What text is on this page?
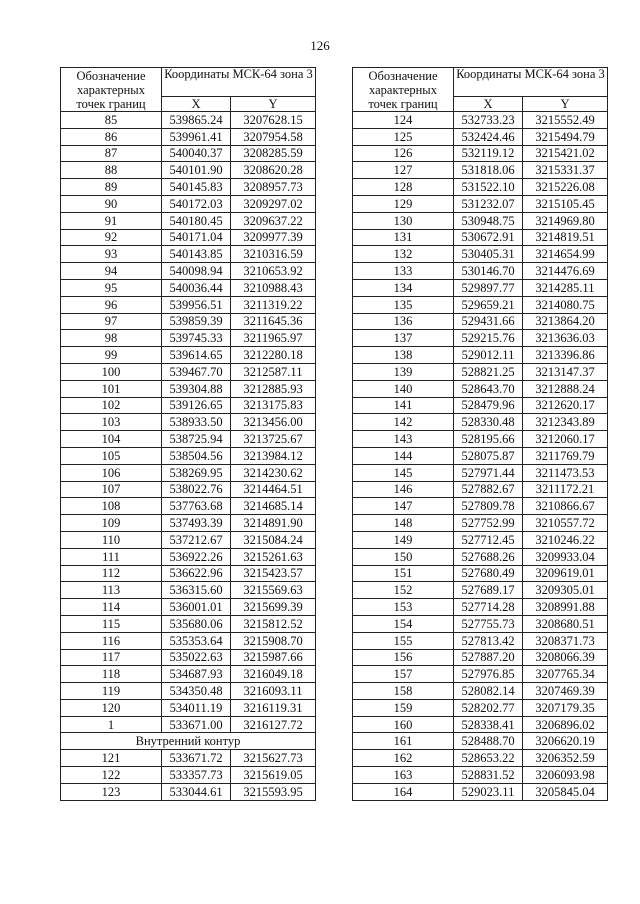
126
Обозначение характерных точек границ	Координаты МСК-64 зона 3	
	X	Y
85	539865.24	3207628.15
86	539961.41	3207954.58
87	540040.37	3208285.59
88	540101.90	3208620.28
89	540145.83	3208957.73
90	540172.03	3209297.02
91	540180.45	3209637.22
92	540171.04	3209977.39
93	540143.85	3210316.59
94	540098.94	3210653.92
95	540036.44	3210988.43
96	539956.51	3211319.22
97	539859.39	3211645.36
98	539745.33	3211965.97
99	539614.65	3212280.18
100	539467.70	3212587.11
101	539304.88	3212885.93
102	539126.65	3213175.83
103	538933.50	3213456.00
104	538725.94	3213725.67
105	538504.56	3213984.12
106	538269.95	3214230.62
107	538022.76	3214464.51
108	537763.68	3214685.14
109	537493.39	3214891.90
110	537212.67	3215084.24
111	536922.26	3215261.63
112	536622.96	3215423.57
113	536315.60	3215569.63
114	536001.01	3215699.39
115	535680.06	3215812.52
116	535353.64	3215908.70
117	535022.63	3215987.66
118	534687.93	3216049.18
119	534350.48	3216093.11
120	534011.19	3216119.31
1	533671.00	3216127.72
Внутренний контур		
121	533671.72	3215627.73
122	533357.73	3215619.05
123	533044.61	3215593.95
Обозначение характерных точек границ	Координаты МСК-64 зона 3	
	X	Y
124	532733.23	3215552.49
125	532424.46	3215494.79
126	532119.12	3215421.02
127	531818.06	3215331.37
128	531522.10	3215226.08
129	531232.07	3215105.45
130	530948.75	3214969.80
131	530672.91	3214819.51
132	530405.31	3214654.99
133	530146.70	3214476.69
134	529897.77	3214285.11
135	529659.21	3214080.75
136	529431.66	3213864.20
137	529215.76	3213636.03
138	529012.11	3213396.86
139	528821.25	3213147.37
140	528643.70	3212888.24
141	528479.96	3212620.17
142	528330.48	3212343.89
143	528195.66	3212060.17
144	528075.87	3211769.79
145	527971.44	3211473.53
146	527882.67	3211172.21
147	527809.78	3210866.67
148	527752.99	3210557.72
149	527712.45	3210246.22
150	527688.26	3209933.04
151	527680.49	3209619.01
152	527689.17	3209305.01
153	527714.28	3208991.88
154	527755.73	3208680.51
155	527813.42	3208371.73
156	527887.20	3208066.39
157	527976.85	3207765.34
158	528082.14	3207469.39
159	528202.77	3207179.35
160	528338.41	3206896.02
161	528488.70	3206620.19
162	528653.22	3206352.59
163	528831.52	3206093.98
164	529023.11	3205845.04
